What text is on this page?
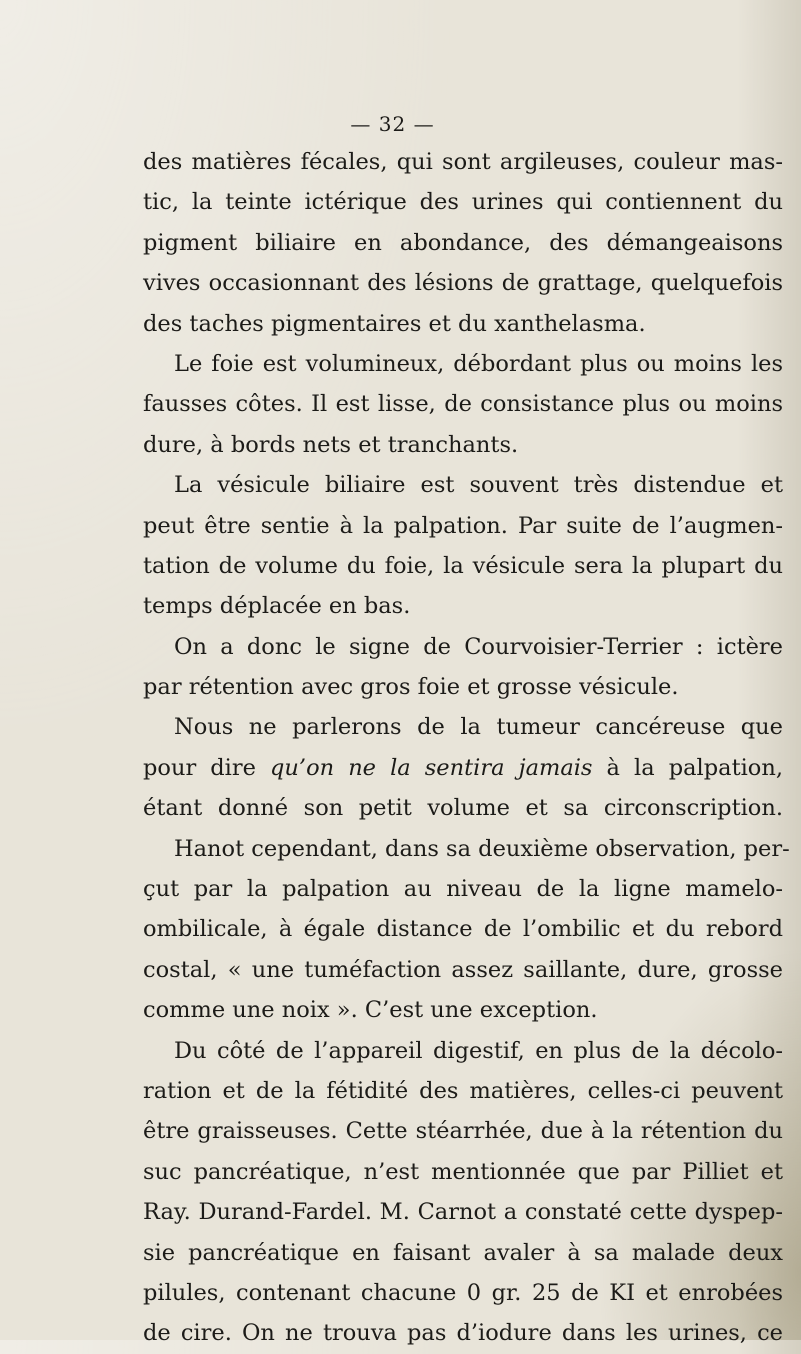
— 32 —
des matières fécales, qui sont argileuses, couleur mas-
tic, la teinte ictérique des urines qui contiennent du
pigment biliaire en abondance, des démangeaisons
vives occasionnant des lésions de grattage, quelquefois
des taches pigmentaires et du xanthelasma.
Le foie est volumineux, débordant plus ou moins les
fausses côtes. Il est lisse, de consistance plus ou moins
dure, à bords nets et tranchants.
La vésicule biliaire est souvent très distendue et
peut être sentie à la palpation. Par suite de l’augmen-
tation de volume du foie, la vésicule sera la plupart du
temps déplacée en bas.
On a donc le signe de Courvoisier-Terrier : ictère
par rétention avec gros foie et grosse vésicule.
Nous ne parlerons de la tumeur cancéreuse que
pour dire qu’on ne la sentira jamais à la palpation,
étant donné son petit volume et sa circonscription.
Hanot cependant, dans sa deuxième observation, per-
çut par la palpation au niveau de la ligne mamelo-
ombilicale, à égale distance de l’ombilic et du rebord
costal, « une tuméfaction assez saillante, dure, grosse
comme une noix ». C’est une exception.
Du côté de l’appareil digestif, en plus de la décolo-
ration et de la fétidité des matières, celles-ci peuvent
être graisseuses. Cette stéarrhée, due à la rétention du
suc pancréatique, n’est mentionnée que par Pilliet et
Ray. Durand-Fardel. M. Carnot a constaté cette dyspep-
sie pancréatique en faisant avaler à sa malade deux
pilules, contenant chacune 0 gr. 25 de KI et enrobées
de cire. On ne trouva pas d’iodure dans les urines, ce
